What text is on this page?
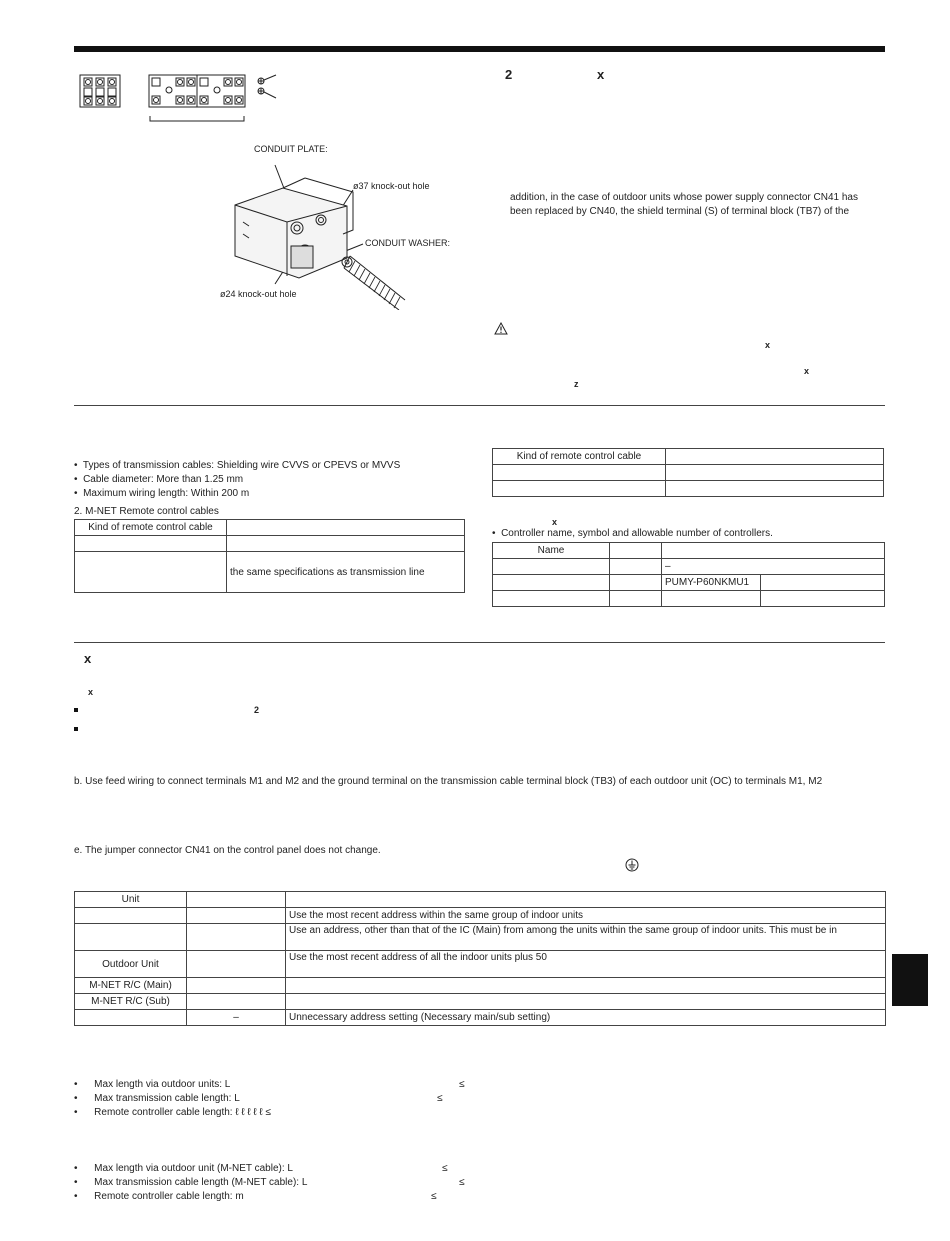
CONDUIT PLATE:
ø37 knock-out hole
CONDUIT WASHER:
ø24 knock-out hole
2	x
addition, in the case of outdoor units whose power supply connector CN41 has
been replaced by CN40, the shield terminal (S) of terminal block (TB7) of the
x
x
z
•  Types of transmission cables: Shielding wire CVVS or CPEVS or MVVS
•  Cable diameter: More than 1.25 mm
•  Maximum wiring length: Within 200 m
2. M-NET Remote control cables
Kind of remote control cable	

	the same specifications as transmission line
Kind of remote control cable	

x
•  Controller name, symbol and allowable number of controllers.
Name			
		–	
		PUMY-P60NKMU1	

x
x
2
b. Use feed wiring to connect terminals M1 and M2 and the ground terminal on the transmission cable terminal block (TB3) of each outdoor unit (OC) to terminals M1, M2
e. The jumper connector CN41 on the control panel does not change.
Unit		
		Use the most recent address within the same group of indoor units
		Use an address, other than that of the IC (Main) from among the units within the same group of indoor units. This must be in
Outdoor Unit		Use the most recent address of all the indoor units plus 50
M-NET R/C (Main)		
M-NET R/C (Sub)		
	–	Unnecessary address setting (Necessary main/sub setting)
•      Max length via outdoor units: L
•      Max transmission cable length: L
•      Remote controller cable length: ℓ ℓ ℓ ℓ ℓ ≤
≤
≤
•      Max length via outdoor unit (M-NET cable): L
•      Max transmission cable length (M-NET cable): L
•      Remote controller cable length: m
≤
≤
≤
